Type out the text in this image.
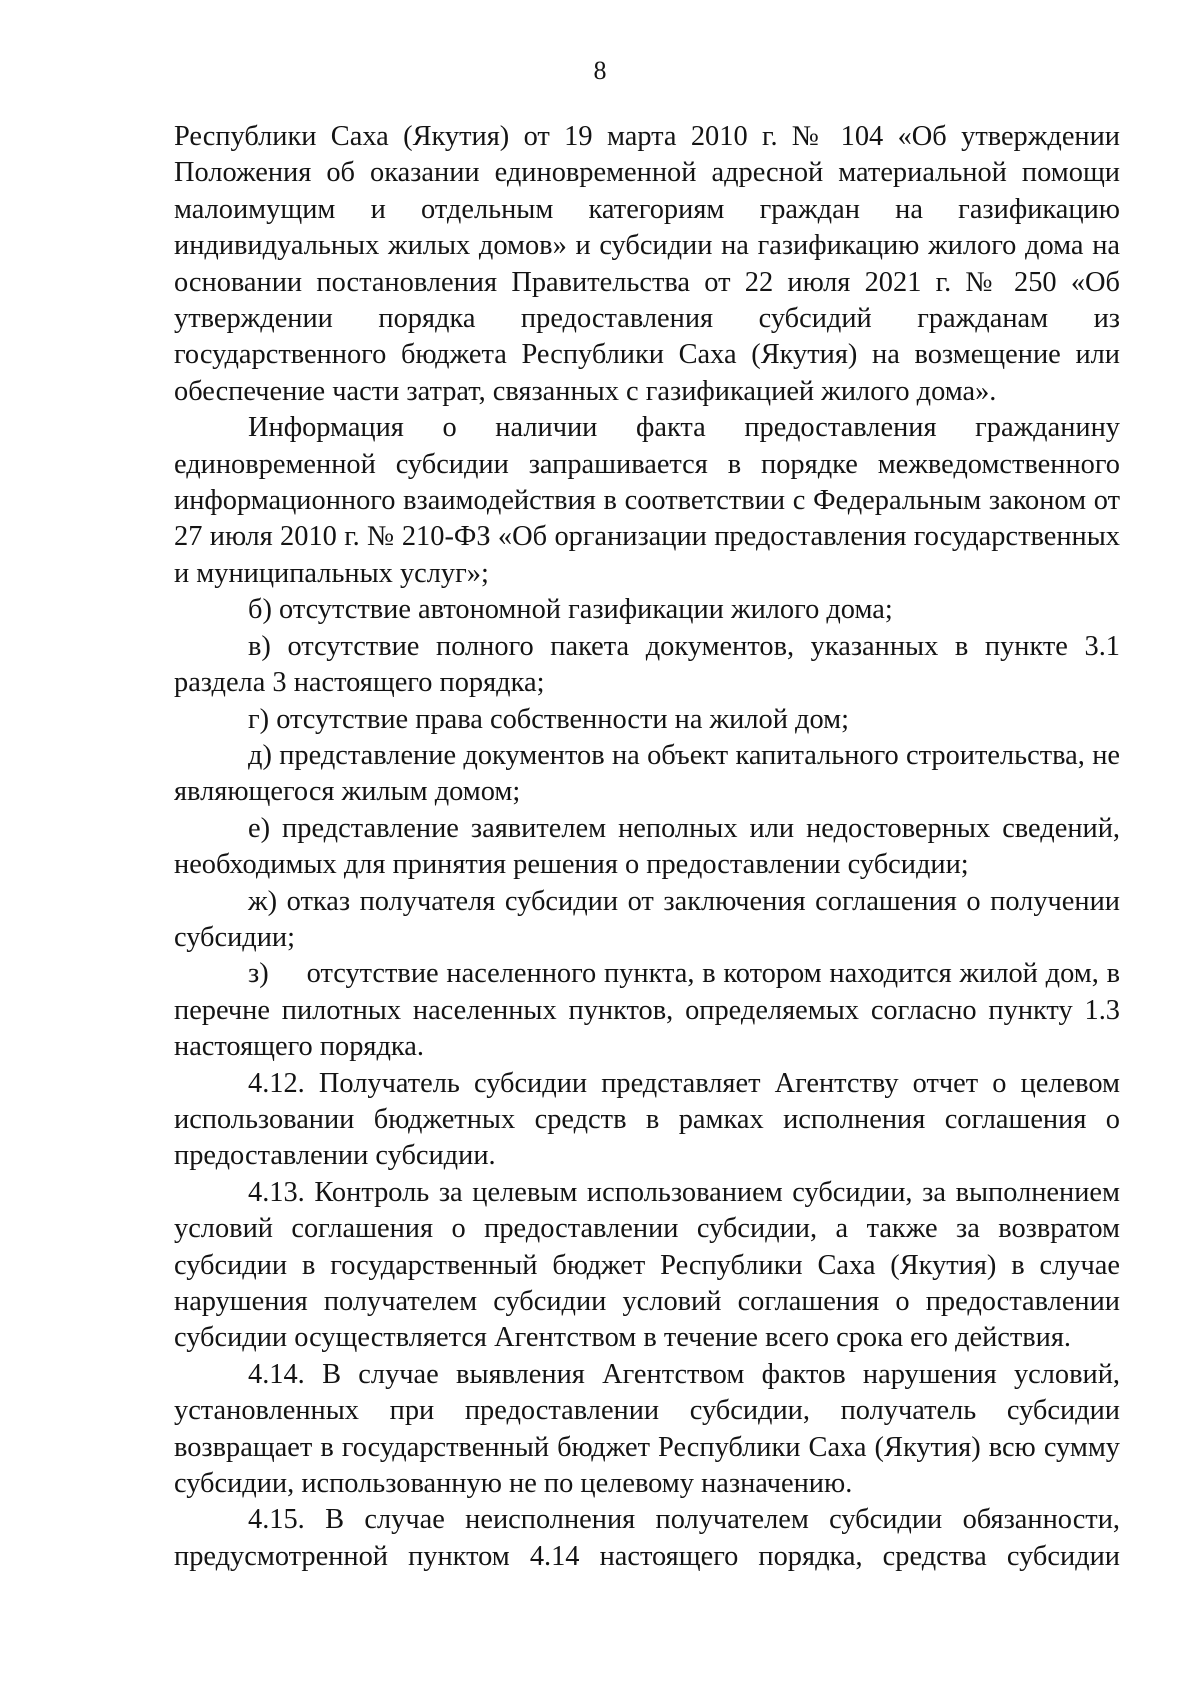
8

Республики Саха (Якутия) от 19 марта 2010 г. № 104 «Об утверждении Положения об оказании единовременной адресной материальной помощи малоимущим и отдельным категориям граждан на газификацию индивидуальных жилых домов» и субсидии на газификацию жилого дома на основании постановления Правительства от 22 июля 2021 г. № 250 «Об утверждении порядка предоставления субсидий гражданам из государственного бюджета Республики Саха (Якутия) на возмещение или обеспечение части затрат, связанных с газификацией жилого дома».

Информация о наличии факта предоставления гражданину единовременной субсидии запрашивается в порядке межведомственного информационного взаимодействия в соответствии с Федеральным законом от 27 июля 2010 г. № 210-ФЗ «Об организации предоставления государственных и муниципальных услуг»;

б) отсутствие автономной газификации жилого дома;

в) отсутствие полного пакета документов, указанных в пункте 3.1 раздела 3 настоящего порядка;

г) отсутствие права собственности на жилой дом;

д) представление документов на объект капитального строительства, не являющегося жилым домом;

е) представление заявителем неполных или недостоверных сведений, необходимых для принятия решения о предоставлении субсидии;

ж) отказ получателя субсидии от заключения соглашения о получении субсидии;

з) отсутствие населенного пункта, в котором находится жилой дом, в перечне пилотных населенных пунктов, определяемых согласно пункту 1.3 настоящего порядка.

4.12. Получатель субсидии представляет Агентству отчет о целевом использовании бюджетных средств в рамках исполнения соглашения о предоставлении субсидии.

4.13. Контроль за целевым использованием субсидии, за выполнением условий соглашения о предоставлении субсидии, а также за возвратом субсидии в государственный бюджет Республики Саха (Якутия) в случае нарушения получателем субсидии условий соглашения о предоставлении субсидии осуществляется Агентством в течение всего срока его действия.

4.14. В случае выявления Агентством фактов нарушения условий, установленных при предоставлении субсидии, получатель субсидии возвращает в государственный бюджет Республики Саха (Якутия) всю сумму субсидии, использованную не по целевому назначению.

4.15. В случае неисполнения получателем субсидии обязанности, предусмотренной пунктом 4.14 настоящего порядка, средства субсидии
